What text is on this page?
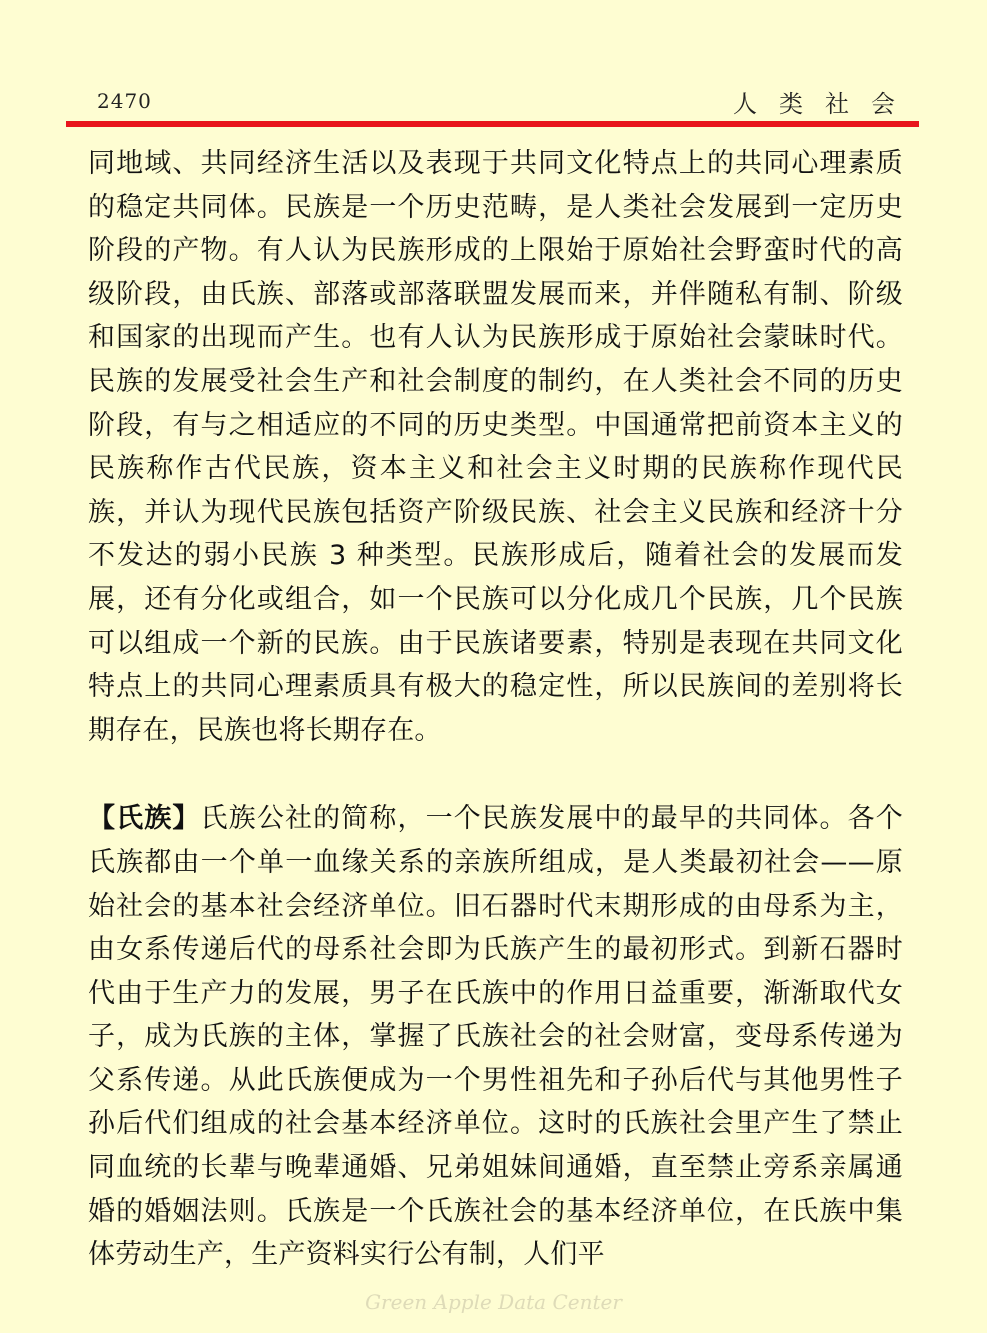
2470	人类社会

同地域、共同经济生活以及表现于共同文化特点上的共同心理素质的稳定共同体。民族是一个历史范畴，是人类社会发展到一定历史阶段的产物。有人认为民族形成的上限始于原始社会野蛮时代的高级阶段，由氏族、部落或部落联盟发展而来，并伴随私有制、阶级和国家的出现而产生。也有人认为民族形成于原始社会蒙昧时代。民族的发展受社会生产和社会制度的制约，在人类社会不同的历史阶段，有与之相适应的不同的历史类型。中国通常把前资本主义的民族称作古代民族，资本主义和社会主义时期的民族称作现代民族，并认为现代民族包括资产阶级民族、社会主义民族和经济十分不发达的弱小民族 3 种类型。民族形成后，随着社会的发展而发展，还有分化或组合，如一个民族可以分化成几个民族，几个民族可以组成一个新的民族。由于民族诸要素，特别是表现在共同文化特点上的共同心理素质具有极大的稳定性，所以民族间的差别将长期存在，民族也将长期存在。

【氏族】氏族公社的简称，一个民族发展中的最早的共同体。各个氏族都由一个单一血缘关系的亲族所组成，是人类最初社会——原始社会的基本社会经济单位。旧石器时代末期形成的由母系为主，由女系传递后代的母系社会即为氏族产生的最初形式。到新石器时代由于生产力的发展，男子在氏族中的作用日益重要，渐渐取代女子，成为氏族的主体，掌握了氏族社会的社会财富，变母系传递为父系传递。从此氏族便成为一个男性祖先和子孙后代与其他男性子孙后代们组成的社会基本经济单位。这时的氏族社会里产生了禁止同血统的长辈与晚辈通婚、兄弟姐妹间通婚，直至禁止旁系亲属通婚的婚姻法则。氏族是一个氏族社会的基本经济单位，在氏族中集体劳动生产，生产资料实行公有制，人们平

Green Apple Data Center
